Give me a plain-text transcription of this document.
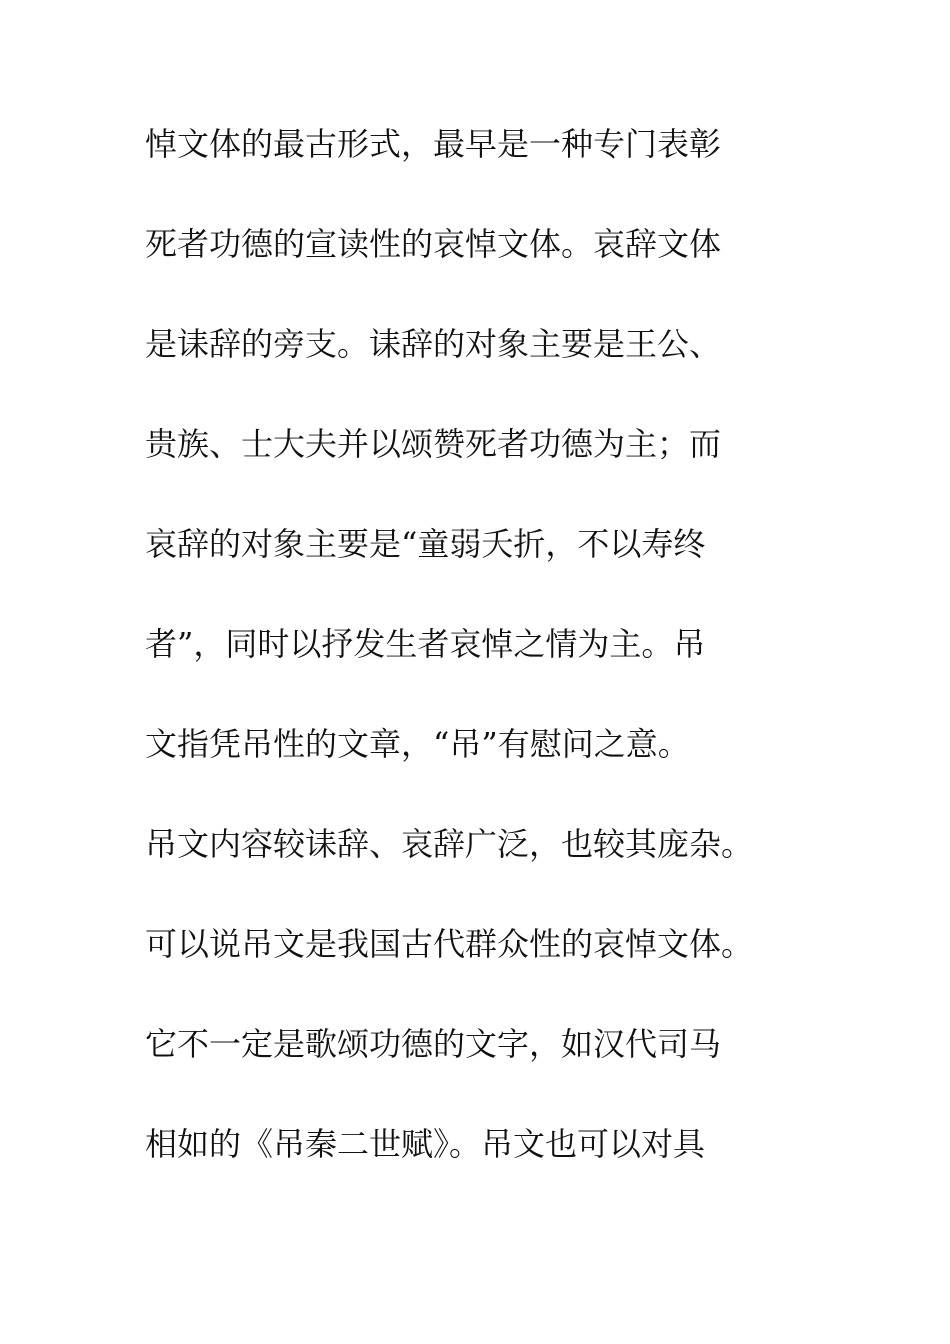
悼文体的最古形式，最早是一种专门表彰

死者功德的宣读性的哀悼文体。哀辞文体

是诔辞的旁支。诔辞的对象主要是王公、

贵族、士大夫并以颂赞死者功德为主；而

哀辞的对象主要是“童弱夭折，不以寿终

者”，同时以抒发生者哀悼之情为主。吊

文指凭吊性的文章，“吊”有慰问之意。

吊文内容较诔辞、哀辞广泛，也较其庞杂。

可以说吊文是我国古代群众性的哀悼文体。

它不一定是歌颂功德的文字，如汉代司马

相如的《吊秦二世赋》。吊文也可以对具
